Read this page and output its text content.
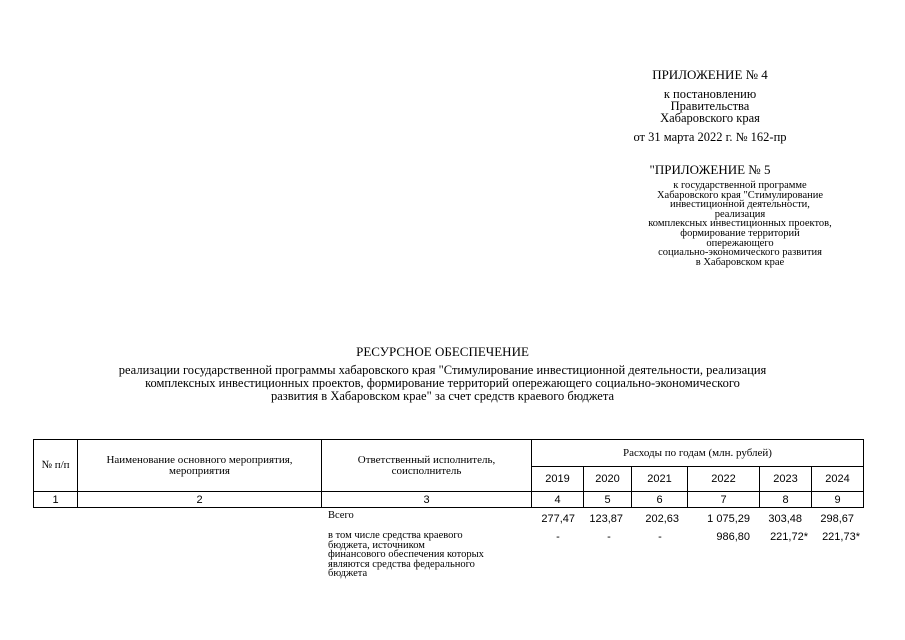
ПРИЛОЖЕНИЕ № 4
к постановлению
Правительства
Хабаровского края
от 31 марта 2022 г. № 162-пр
"ПРИЛОЖЕНИЕ № 5
к государственной программе
Хабаровского края "Стимулирование
инвестиционной деятельности,
реализация
комплексных инвестиционных проектов,
формирование территорий
опережающего
социально-экономического развития
в Хабаровском крае
РЕСУРСНОЕ ОБЕСПЕЧЕНИЕ
реализации государственной программы хабаровского края "Стимулирование инвестиционной деятельности, реализация
комплексных инвестиционных проектов, формирование территорий опережающего социально-экономического
развития в Хабаровском крае" за счет средств краевого бюджета
№ п/п	Наименование основного мероприятия, мероприятия	Ответственный исполнитель, соисполнитель	Расходы по годам (млн. рублей)					
			2019	2020	2021	2022	2023	2024
1	2	3	4	5	6	7	8	9
Всего	277,47	123,87	202,63	1 075,29	303,48	298,67
в том числе средства краевого
бюджета, источником
финансового обеспечения которых
являются средства федерального
бюджета
-	-	-	986,80	221,72*	221,73*
